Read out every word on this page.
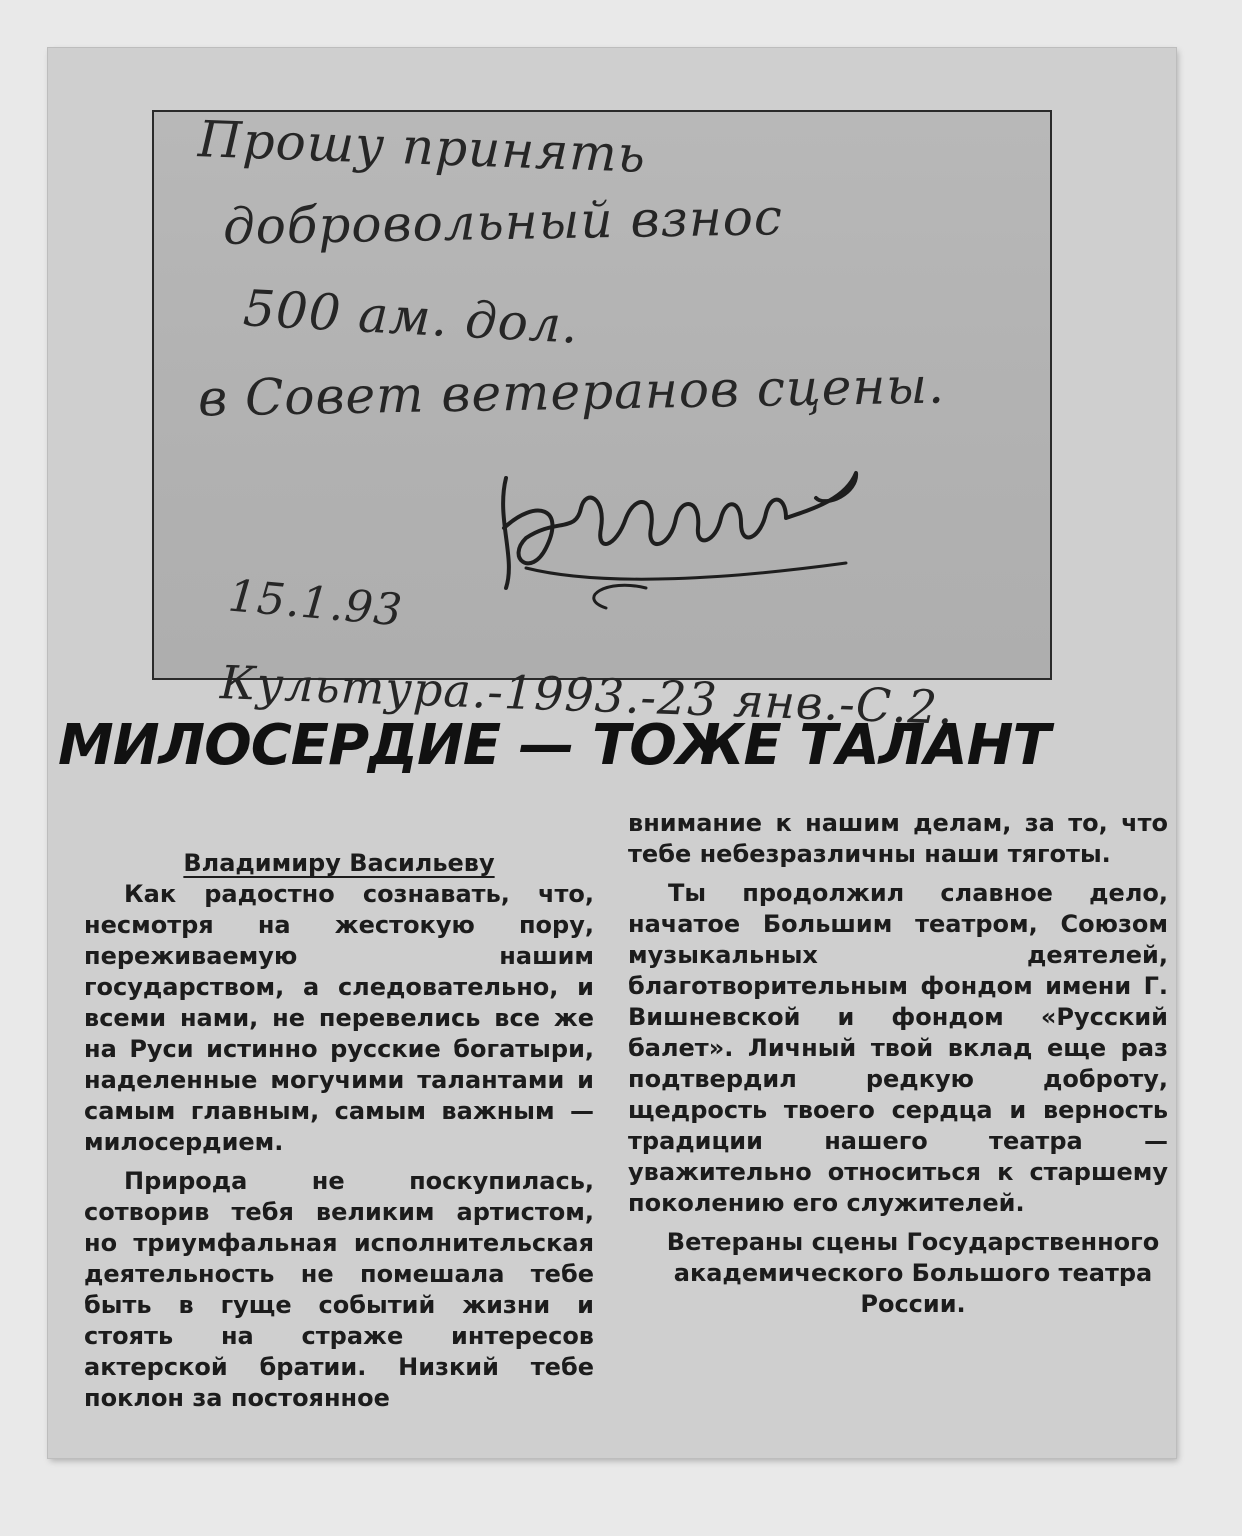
Прошу принять
добровольный взнос
500 ам. дол.
в Совет ветеранов сцены.
15.1.93
Культура.-1993.-23 янв.-С.2.
МИЛОСЕРДИЕ — ТОЖЕ ТАЛАНТ

Владимиру Васильеву

Как радостно сознавать, что, несмотря на жестокую пору, переживаемую нашим государством, а следовательно, и всеми нами, не перевелись все же на Руси истинно русские богатыри, наделенные могучими талантами и самым главным, самым важным — милосердием.

Природа не поскупилась, сотворив тебя великим артистом, но триумфальная исполнительская деятельность не помешала тебе быть в гуще событий жизни и стоять на страже интересов актерской братии. Низкий тебе поклон за постоянное

внимание к нашим делам, за то, что тебе небезразличны наши тяготы.

Ты продолжил славное дело, начатое Большим театром, Союзом музыкальных деятелей, благотворительным фондом имени Г. Вишневской и фондом «Русский балет». Личный твой вклад еще раз подтвердил редкую доброту, щедрость твоего сердца и верность традиции нашего театра — уважительно относиться к старшему поколению его служителей.

Ветераны сцены Государственного академического Большого театра России.
